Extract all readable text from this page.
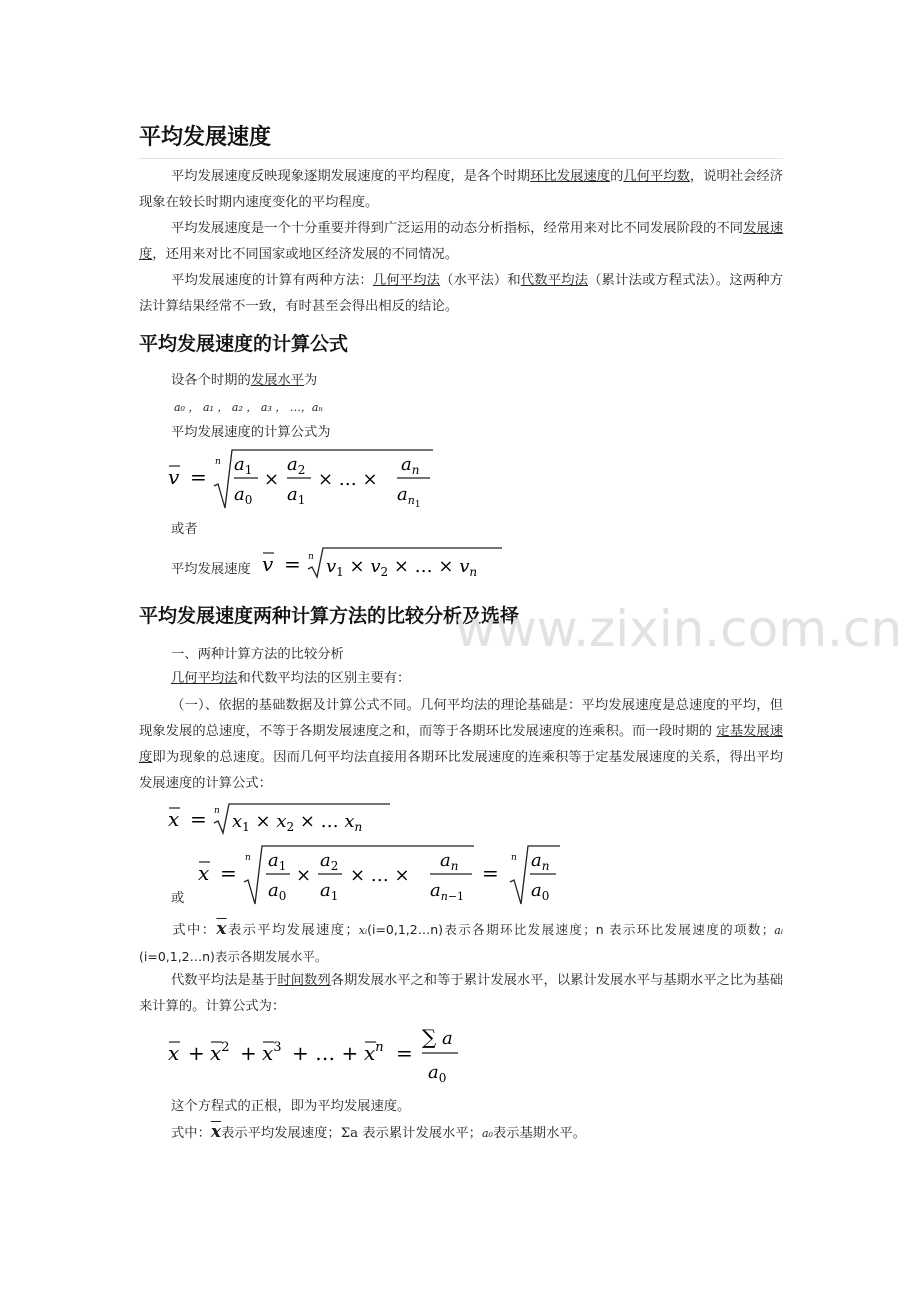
平均发展速度

平均发展速度反映现象逐期发展速度的平均程度，是各个时期环比发展速度的几何平均数，说明社会经济现象在较长时期内速度变化的平均程度。

平均发展速度是一个十分重要并得到广泛运用的动态分析指标，经常用来对比不同发展阶段的不同发展速度，还用来对比不同国家或地区经济发展的不同情况。

平均发展速度的计算有两种方法：几何平均法（水平法）和代数平均法（累计法或方程式法）。这两种方法计算结果经常不一致，有时甚至会得出相反的结论。

平均发展速度的计算公式
设各个时期的发展水平为
a₀ ， a₁ ， a₂ ， a₃ ， …，aₙ
平均发展速度的计算公式为
v =
n $a_1$
$a_0$
×
$a_2$
$a_1$
× … ×
$a_n$
$a_n1$
或者
平均发展速度 v = n $v_1 \times v_2$ × … × $v_n$
平均发展速度两种计算方法的比较分析及选择
www.zixin.com.cn
一、两种计算方法的比较分析
几何平均法和代数平均法的区别主要有：

（一）、依据的基础数据及计算公式不同。几何平均法的理论基础是：平均发展速度是总速度的平均，但现象发展的总速度，不等于各期发展速度之和，而等于各期环比发展速度的连乘积。而一段时期的 定基发展速度即为现象的总速度。因而几何平均法直接用各期环比发展速度的连乘积等于定基发展速度的关系，得出平均发展速度的计算公式：

x = n $x_1 \times x_2$ × … $x_n$
x =
n $a_1$
$a_0$
×
$a_2$
$a_1$
× … ×
$a_n$
$a_n-1$
=
n $a_n$
$a_0$
或

式中：$\overline{x}$表示平均发展速度；xᵢ(i=0,1,2…n)表示各期环比发展速度；n 表示环比发展速度的项数；aᵢ (i=0,1,2…n)表示各期发展水平。

代数平均法是基于时间数列各期发展水平之和等于累计发展水平，以累计发展水平与基期水平之比为基础来计算的。计算公式为：

$x + x^2 + x^3$ + … + $x^n$ =
∑ a
$a_0$
这个方程式的正根，即为平均发展速度。
式中：$\overline{x}$表示平均发展速度；Σa 表示累计发展水平；a₀表示基期水平。
